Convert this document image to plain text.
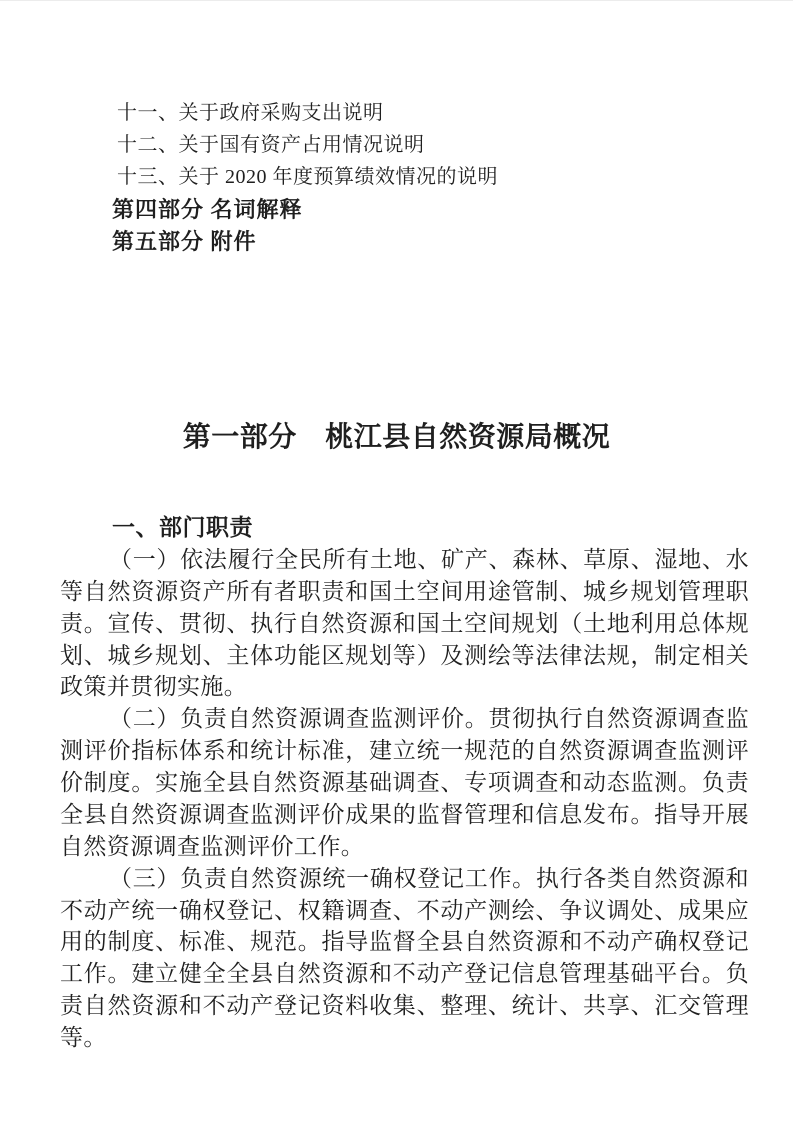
十一、关于政府采购支出说明
十二、关于国有资产占用情况说明
十三、关于 2020 年度预算绩效情况的说明
第四部分 名词解释
第五部分 附件
第一部分　桃江县自然资源局概况
一、部门职责

（一）依法履行全民所有土地、矿产、森林、草原、湿地、水等自然资源资产所有者职责和国土空间用途管制、城乡规划管理职责。宣传、贯彻、执行自然资源和国土空间规划（土地利用总体规划、城乡规划、主体功能区规划等）及测绘等法律法规，制定相关政策并贯彻实施。

（二）负责自然资源调查监测评价。贯彻执行自然资源调查监测评价指标体系和统计标准，建立统一规范的自然资源调查监测评价制度。实施全县自然资源基础调查、专项调查和动态监测。负责全县自然资源调查监测评价成果的监督管理和信息发布。指导开展自然资源调查监测评价工作。

（三）负责自然资源统一确权登记工作。执行各类自然资源和不动产统一确权登记、权籍调查、不动产测绘、争议调处、成果应用的制度、标准、规范。指导监督全县自然资源和不动产确权登记工作。建立健全全县自然资源和不动产登记信息管理基础平台。负责自然资源和不动产登记资料收集、整理、统计、共享、汇交管理等。
